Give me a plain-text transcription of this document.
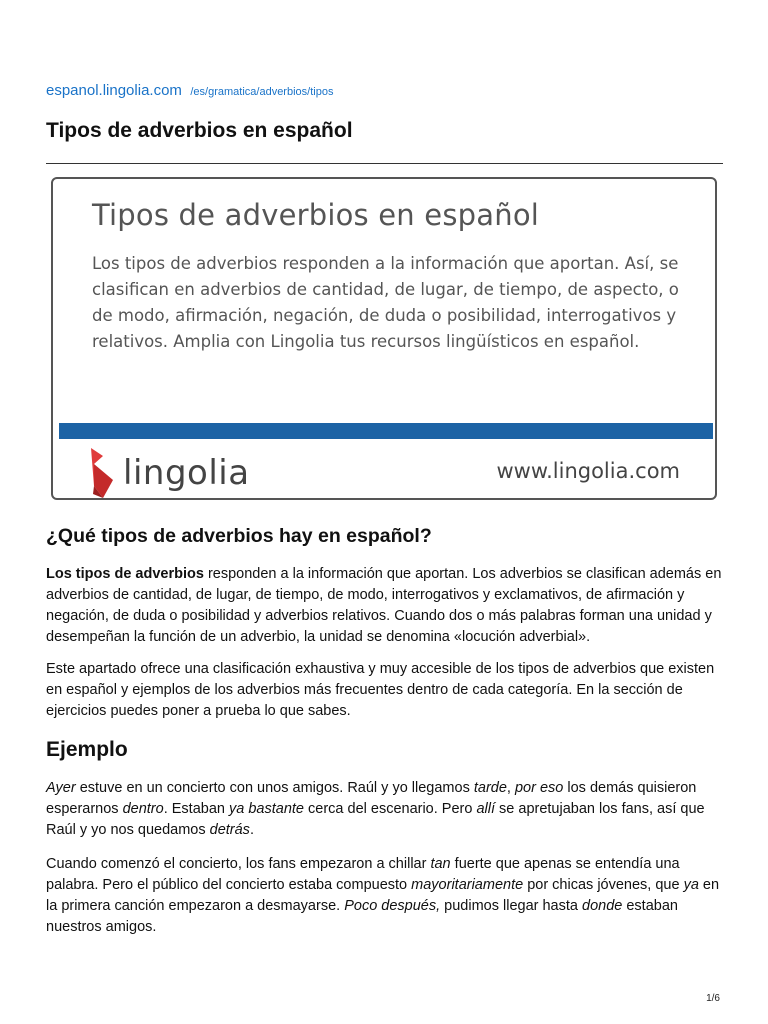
espanol.lingolia.com /es/gramatica/adverbios/tipos
Tipos de adverbios en español
Tipos de adverbios en español

Los tipos de adverbios responden a la información que aportan. Así, se clasifican en adverbios de cantidad, de lugar, de tiempo, de aspecto, o de modo, afirmación, negación, de duda o posibilidad, interrogativos y relativos. Amplia con Lingolia tus recursos lingüísticos en español.

lingolia	www.lingolia.com
¿Qué tipos de adverbios hay en español?

Los tipos de adverbios responden a la información que aportan. Los adverbios se clasifican además en adverbios de cantidad, de lugar, de tiempo, de modo, interrogativos y exclamativos, de afirmación y negación, de duda o posibilidad y adverbios relativos. Cuando dos o más palabras forman una unidad y desempeñan la función de un adverbio, la unidad se denomina «locución adverbial».

Este apartado ofrece una clasificación exhaustiva y muy accesible de los tipos de adverbios que existen en español y ejemplos de los adverbios más frecuentes dentro de cada categoría. En la sección de ejercicios puedes poner a prueba lo que sabes.

Ejemplo

Ayer estuve en un concierto con unos amigos. Raúl y yo llegamos tarde, por eso los demás quisieron esperarnos dentro. Estaban ya bastante cerca del escenario. Pero allí se apretujaban los fans, así que Raúl y yo nos quedamos detrás.

Cuando comenzó el concierto, los fans empezaron a chillar tan fuerte que apenas se entendía una palabra. Pero el público del concierto estaba compuesto mayoritariamente por chicas jóvenes, que ya en la primera canción empezaron a desmayarse. Poco después, pudimos llegar hasta donde estaban nuestros amigos.

1/6
